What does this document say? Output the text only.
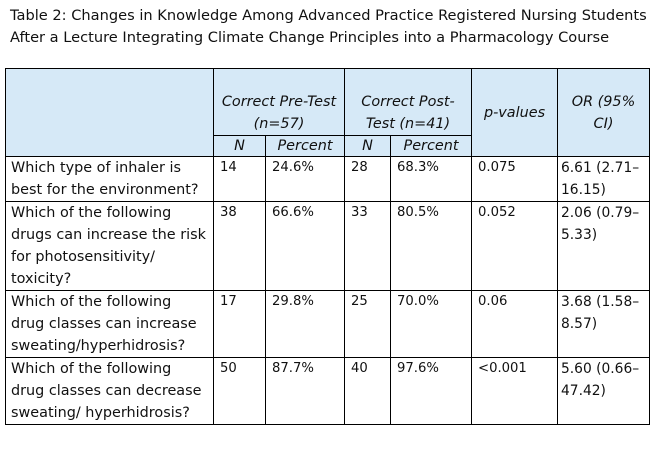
Table 2: Changes in Knowledge Among Advanced Practice Registered Nursing Students After a Lecture Integrating Climate Change Principles into a Pharmacology Course
	Correct Pre-Test (n=57)		Correct Post-Test (n=41)		p-values	OR (95% CI)
	N	Percent	N	Percent		
Which type of inhaler is best for the environment?	14	24.6%	28	68.3%	0.075	6.61 (2.71–16.15)
Which of the following drugs can increase the risk for photosensitivity/ toxicity?	38	66.6%	33	80.5%	0.052	2.06 (0.79–5.33)
Which of the following drug classes can increase sweating/hyperhidrosis?	17	29.8%	25	70.0%	0.06	3.68 (1.58–8.57)
Which of the following drug classes can decrease sweating/ hyperhidrosis?	50	87.7%	40	97.6%	<0.001	5.60 (0.66–47.42)
